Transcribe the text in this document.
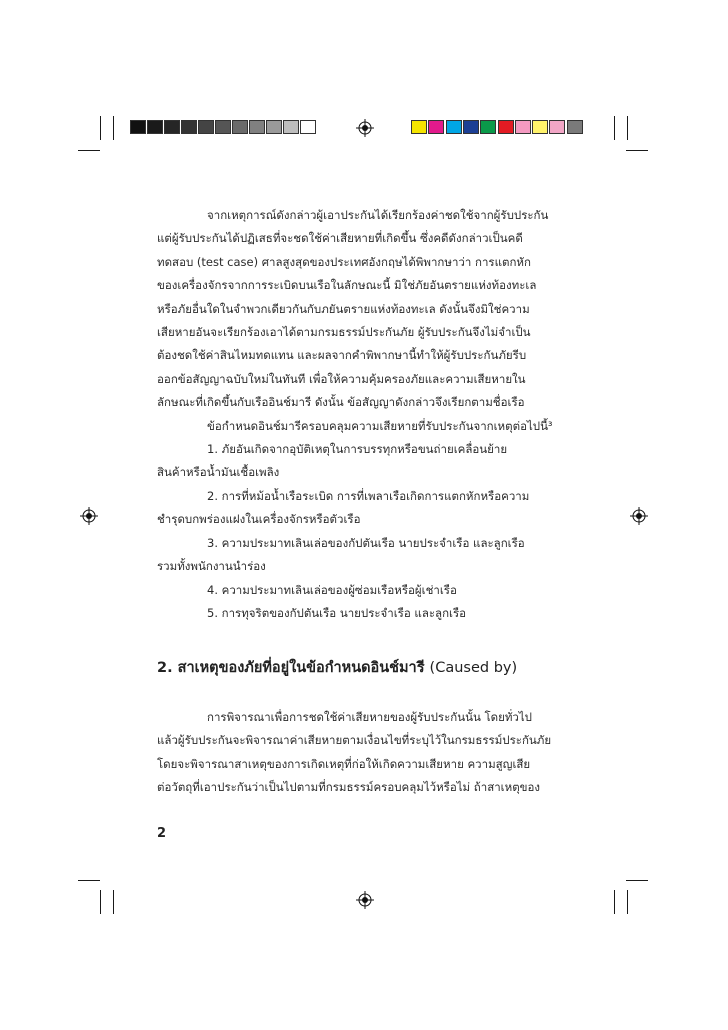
จากเหตุการณ์ดังกล่าวผู้เอาประกันได้เรียกร้องค่าชดใช้จากผู้รับประกัน

แต่ผู้รับประกันได้ปฏิเสธที่จะชดใช้ค่าเสียหายที่เกิดขึ้น ซึ่งคดีดังกล่าวเป็นคดี

ทดสอบ (test case) ศาลสูงสุดของประเทศอังกฤษได้พิพากษาว่า การแตกหัก

ของเครื่องจักรจากการระเบิดบนเรือในลักษณะนี้ มิใช่ภัยอันตรายแห่งท้องทะเล

หรือภัยอื่นใดในจำพวกเดียวกันกับภยันตรายแห่งท้องทะเล ดังนั้นจึงมิใช่ความ

เสียหายอันจะเรียกร้องเอาได้ตามกรมธรรม์ประกันภัย ผู้รับประกันจึงไม่จำเป็น

ต้องชดใช้ค่าสินไหมทดแทน และผลจากคำพิพากษานี้ทำให้ผู้รับประกันภัยรีบ

ออกข้อสัญญาฉบับใหม่ในทันที เพื่อให้ความคุ้มครองภัยและความเสียหายใน

ลักษณะที่เกิดขึ้นกับเรืออินช์มารี ดังนั้น ข้อสัญญาดังกล่าวจึงเรียกตามชื่อเรือ

ข้อกำหนดอินช์มารีครอบคลุมความเสียหายที่รับประกันจากเหตุต่อไปนี้³

1. ภัยอันเกิดจากอุบัติเหตุในการบรรทุกหรือขนถ่ายเคลื่อนย้าย

สินค้าหรือน้ำมันเชื้อเพลิง

2. การที่หม้อน้ำเรือระเบิด การที่เพลาเรือเกิดการแตกหักหรือความ

ชำรุดบกพร่องแฝงในเครื่องจักรหรือตัวเรือ

3. ความประมาทเลินเล่อของกัปตันเรือ นายประจำเรือ และลูกเรือ

รวมทั้งพนักงานนำร่อง

4. ความประมาทเลินเล่อของผู้ซ่อมเรือหรือผู้เช่าเรือ

5. การทุจริตของกัปตันเรือ นายประจำเรือ และลูกเรือ

2. สาเหตุของภัยที่อยู่ในข้อกำหนดอินช์มารี (Caused by)

การพิจารณาเพื่อการชดใช้ค่าเสียหายของผู้รับประกันนั้น โดยทั่วไป

แล้วผู้รับประกันจะพิจารณาค่าเสียหายตามเงื่อนไขที่ระบุไว้ในกรมธรรม์ประกันภัย

โดยจะพิจารณาสาเหตุของการเกิดเหตุที่ก่อให้เกิดความเสียหาย ความสูญเสีย

ต่อวัตถุที่เอาประกันว่าเป็นไปตามที่กรมธรรม์ครอบคลุมไว้หรือไม่ ถ้าสาเหตุของ

2
